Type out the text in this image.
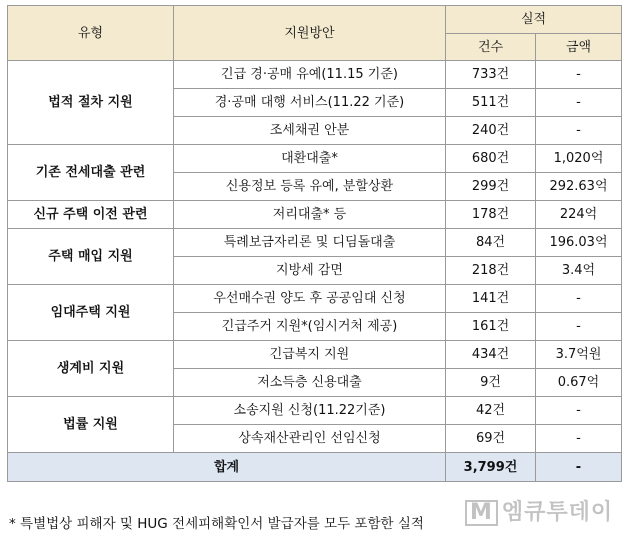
유형	지원방안	실적	
		건수	금액
법적 절차 지원	긴급 경·공매 유예(11.15 기준)	733건	-
	경·공매 대행 서비스(11.22 기준)	511건	-
	조세채권 안분	240건	-
기존 전세대출 관련	대환대출*	680건	1,020억
	신용정보 등록 유예, 분할상환	299건	292.63억
신규 주택 이전 관련	저리대출* 등	178건	224억
주택 매입 지원	특례보금자리론 및 디딤돌대출	84건	196.03억
	지방세 감면	218건	3.4억
임대주택 지원	우선매수권 양도 후 공공임대 신청	141건	-
	긴급주거 지원*(임시거처 제공)	161건	-
생계비 지원	긴급복지 지원	434건	3.7억원
	저소득층 신용대출	9건	0.67억
법률 지원	소송지원 신청(11.22기준)	42건	-
	상속재산관리인 선임신청	69건	-
합계		3,799건	-
M 엠큐투데이
* 특별법상 피해자 및 HUG 전세피해확인서 발급자를 모두 포함한 실적
